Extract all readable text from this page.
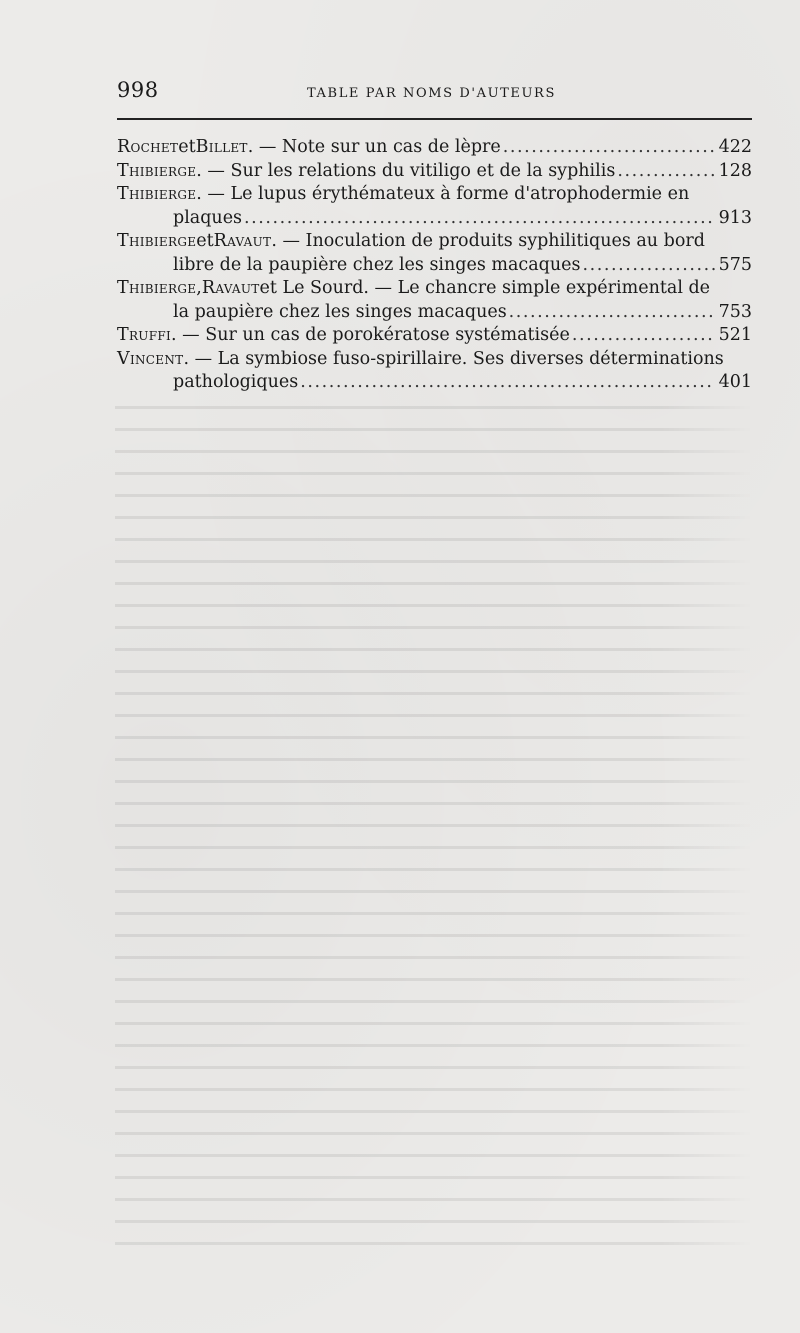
998	TABLE PAR NOMS D'AUTEURS
Rochet et Billet . — Note sur un cas de lèpre . . .	422
Thibierge . — Sur les relations du vitiligo et de la syphilis . . .	128
Thibierge . — Le lupus érythémateux à forme d'atrophodermie en
plaques . . .	913
Thibierge et Ravaut . — Inoculation de produits syphilitiques au bord
libre de la paupière chez les singes macaques . . .	575
Thibierge , Ravaut et Le Sourd. — Le chancre simple expérimental de
la paupière chez les singes macaques . . .	753
Truffi . — Sur un cas de porokératose systématisée . . .	521
Vincent . — La symbiose fuso-spirillaire. Ses diverses déterminations
pathologiques . . .	401
